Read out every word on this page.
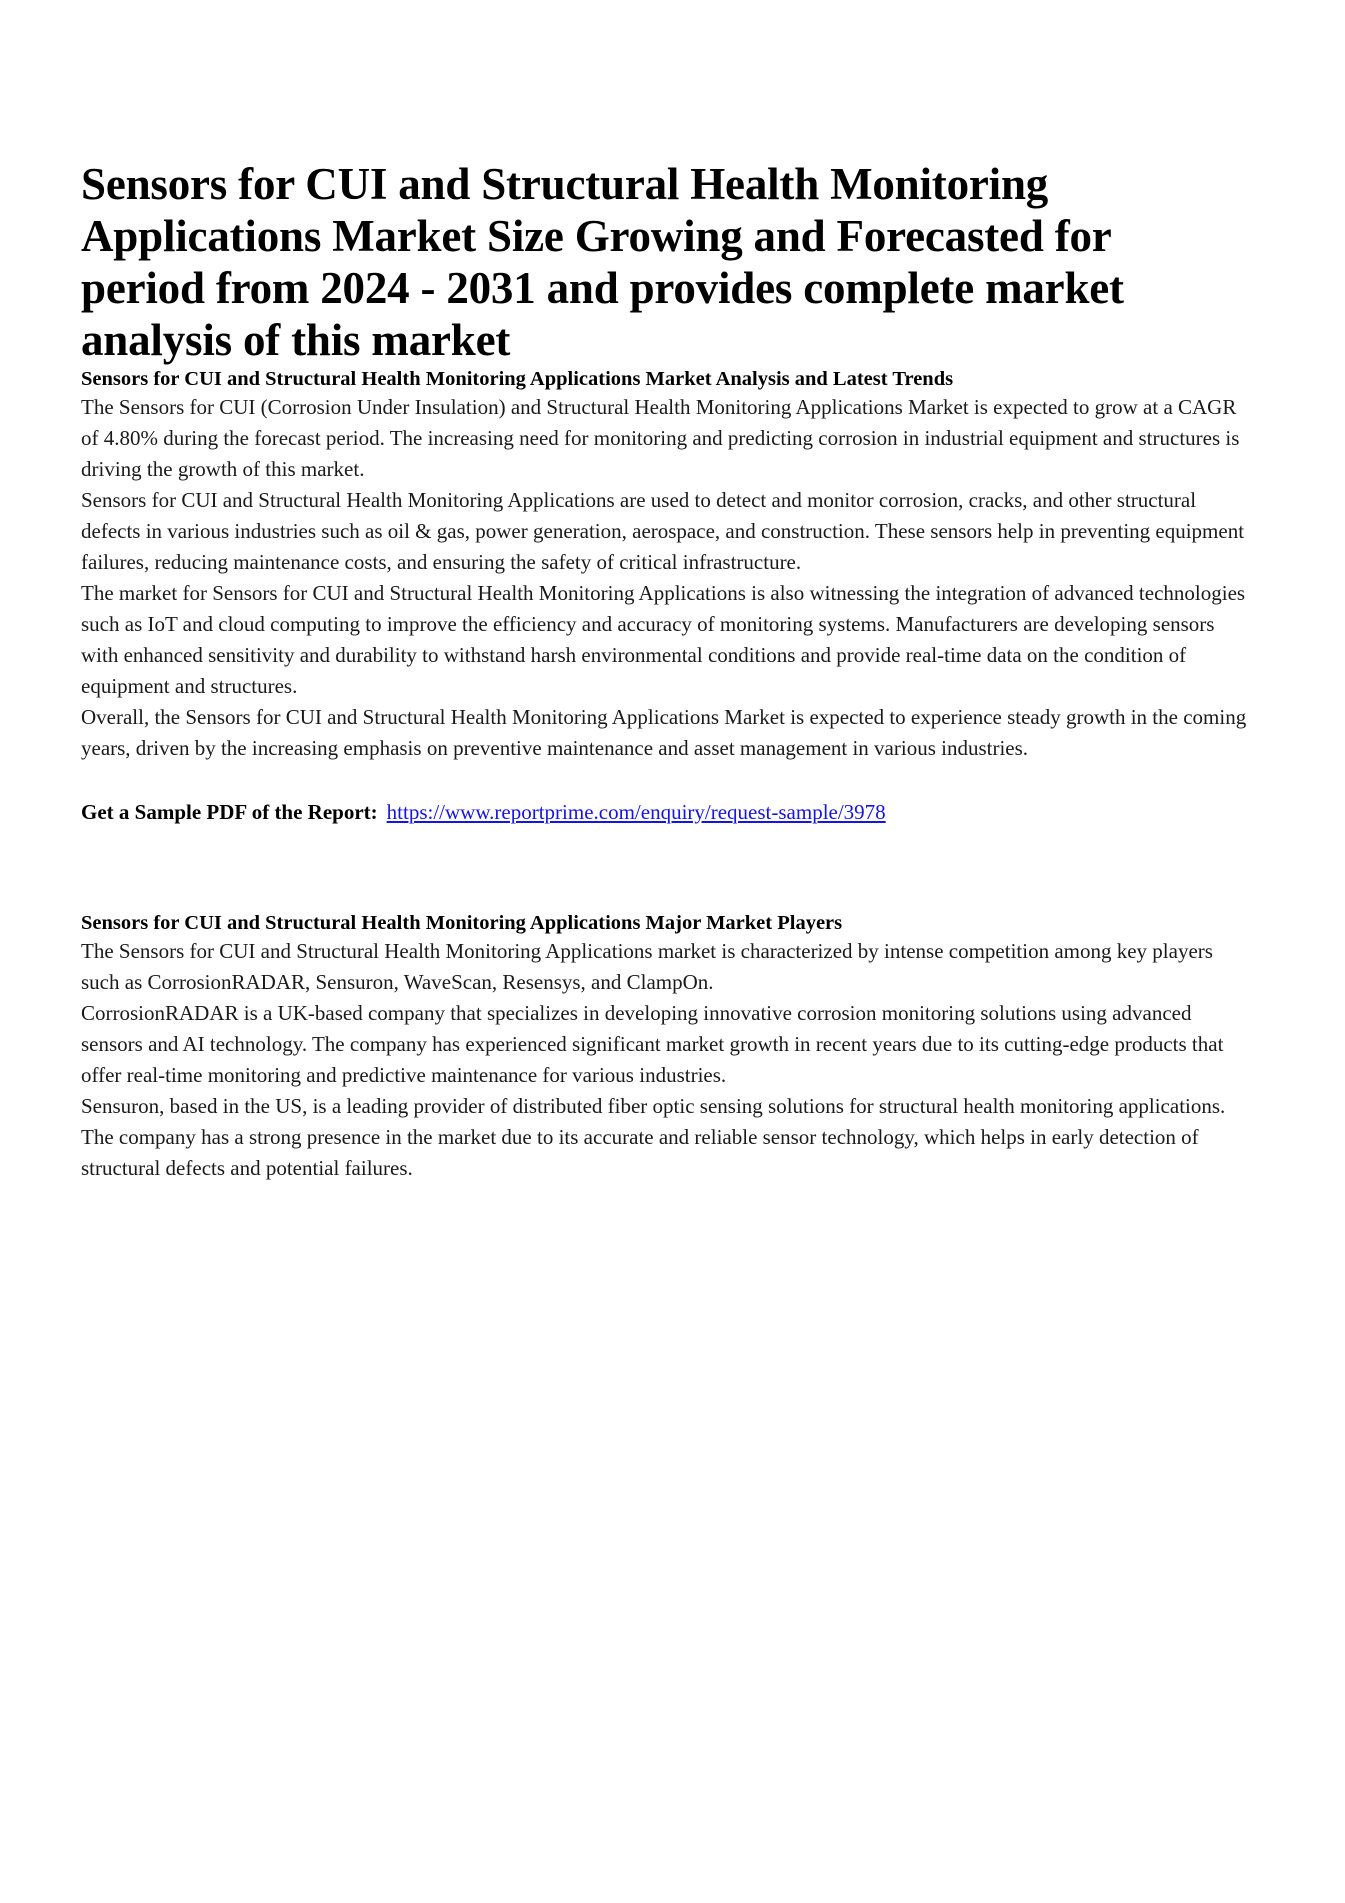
Sensors for CUI and Structural Health Monitoring Applications Market Size Growing and Forecasted for period from 2024 - 2031 and provides complete market analysis of this market
Sensors for CUI and Structural Health Monitoring Applications Market Analysis and Latest Trends

The Sensors for CUI (Corrosion Under Insulation) and Structural Health Monitoring Applications Market is expected to grow at a CAGR of 4.80% during the forecast period. The increasing need for monitoring and predicting corrosion in industrial equipment and structures is driving the growth of this market.

Sensors for CUI and Structural Health Monitoring Applications are used to detect and monitor corrosion, cracks, and other structural defects in various industries such as oil & gas, power generation, aerospace, and construction. These sensors help in preventing equipment failures, reducing maintenance costs, and ensuring the safety of critical infrastructure.

The market for Sensors for CUI and Structural Health Monitoring Applications is also witnessing the integration of advanced technologies such as IoT and cloud computing to improve the efficiency and accuracy of monitoring systems. Manufacturers are developing sensors with enhanced sensitivity and durability to withstand harsh environmental conditions and provide real-time data on the condition of equipment and structures.

Overall, the Sensors for CUI and Structural Health Monitoring Applications Market is expected to experience steady growth in the coming years, driven by the increasing emphasis on preventive maintenance and asset management in various industries.

Get a Sample PDF of the Report: https://www.reportprime.com/enquiry/request-sample/3978

Sensors for CUI and Structural Health Monitoring Applications Major Market Players

The Sensors for CUI and Structural Health Monitoring Applications market is characterized by intense competition among key players such as CorrosionRADAR, Sensuron, WaveScan, Resensys, and ClampOn.

CorrosionRADAR is a UK-based company that specializes in developing innovative corrosion monitoring solutions using advanced sensors and AI technology. The company has experienced significant market growth in recent years due to its cutting-edge products that offer real-time monitoring and predictive maintenance for various industries.

Sensuron, based in the US, is a leading provider of distributed fiber optic sensing solutions for structural health monitoring applications. The company has a strong presence in the market due to its accurate and reliable sensor technology, which helps in early detection of structural defects and potential failures.
